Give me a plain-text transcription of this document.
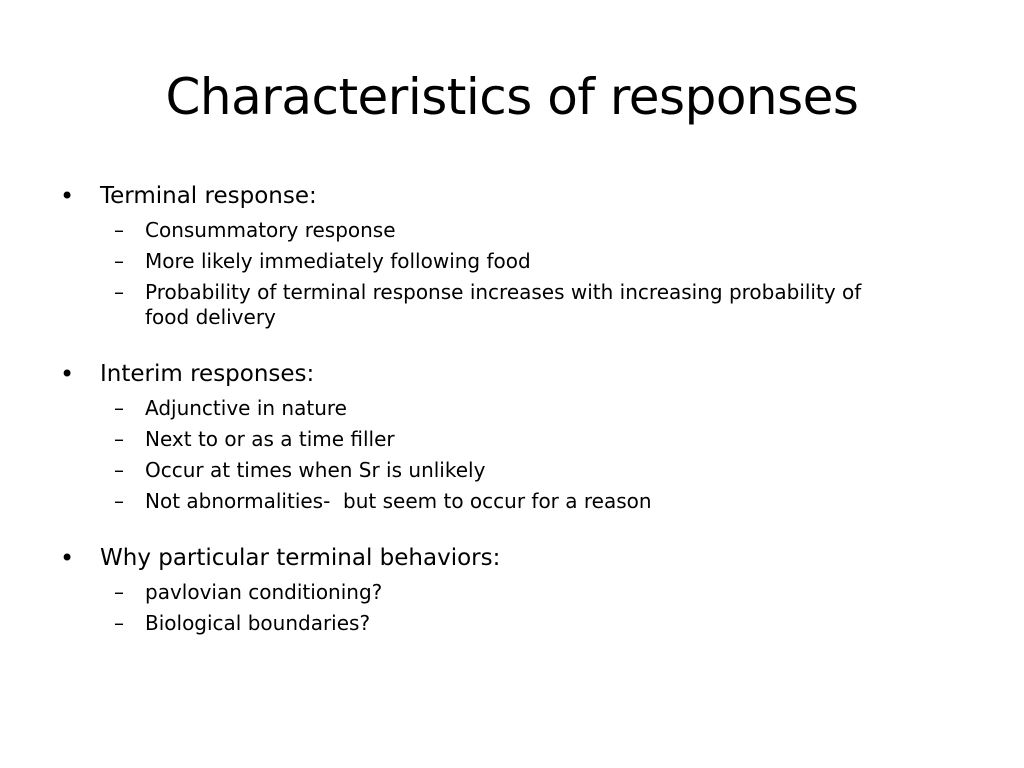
Characteristics of responses
• Terminal response:
– Consummatory response
– More likely immediately following food
– Probability of terminal response increases with increasing probability of food delivery
• Interim responses:
– Adjunctive in nature
– Next to or as a time filler
– Occur at times when Sr is unlikely
– Not abnormalities-  but seem to occur for a reason
• Why particular terminal behaviors:
– pavlovian conditioning?
– Biological boundaries?
